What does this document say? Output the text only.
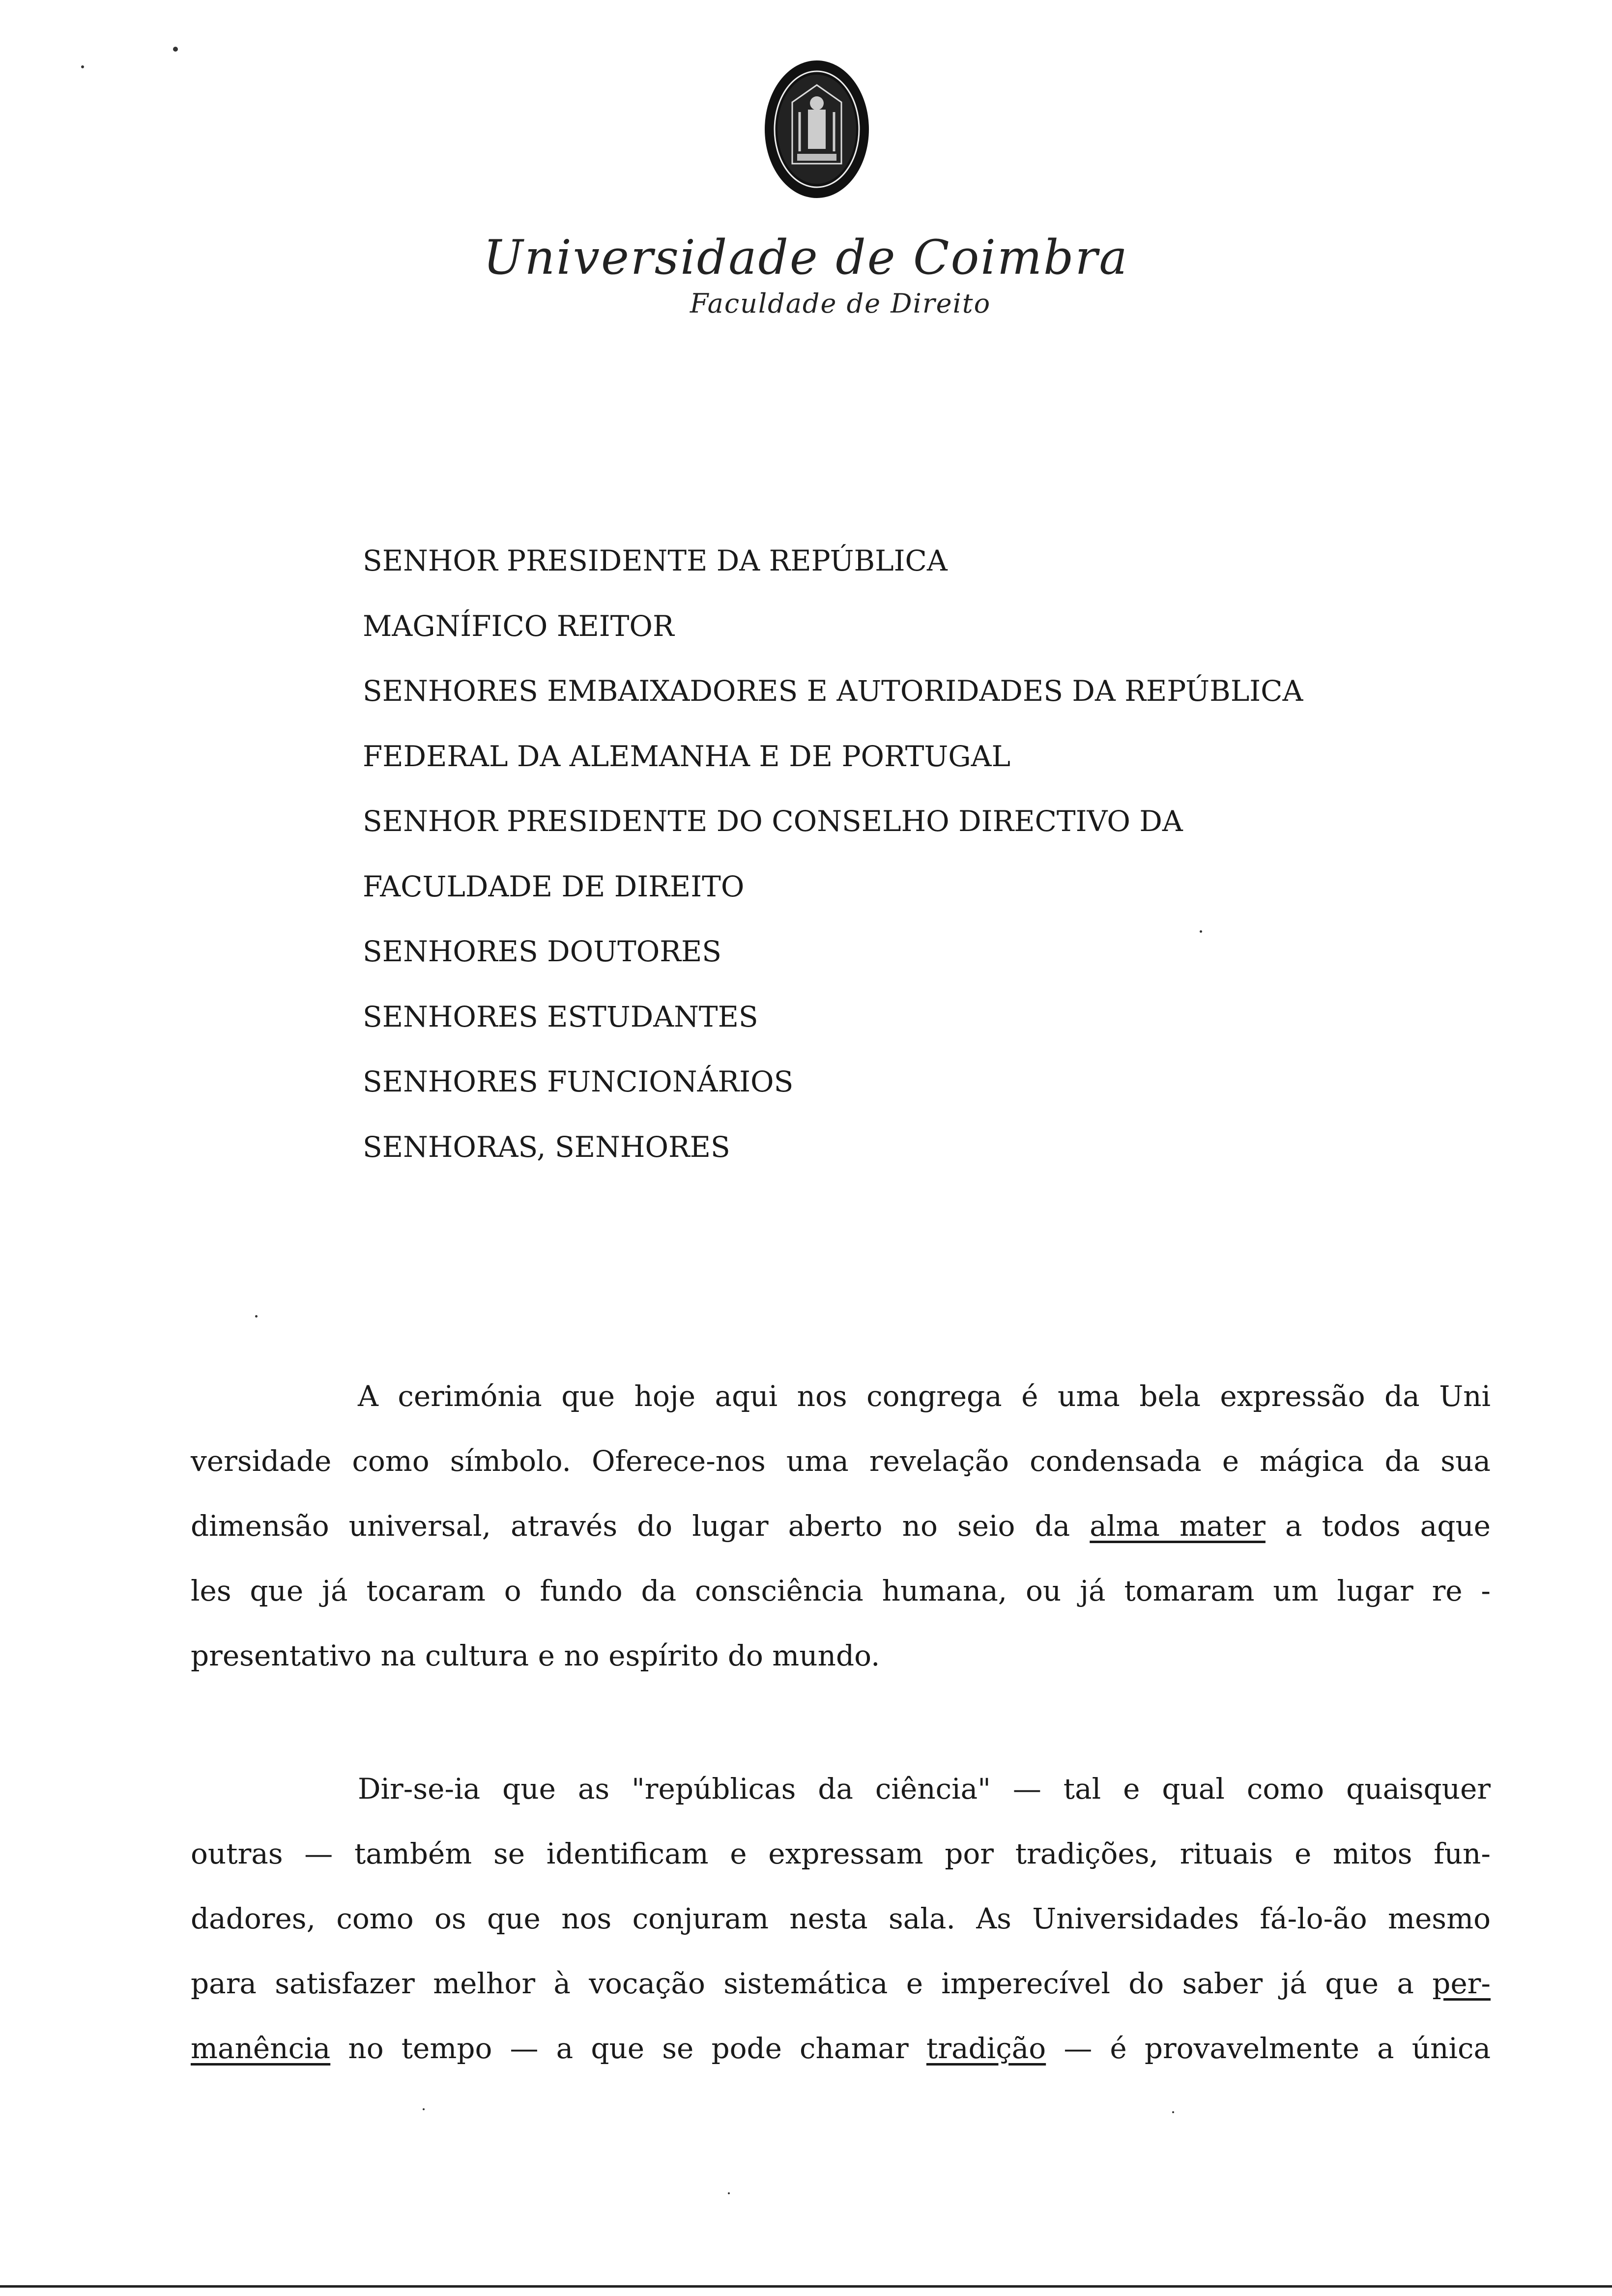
Universidade de Coimbra
Faculdade de Direito
SENHOR PRESIDENTE DA REPÚBLICA
MAGNÍFICO REITOR
SENHORES EMBAIXADORES E AUTORIDADES DA REPÚBLICA
FEDERAL DA ALEMANHA E DE PORTUGAL
SENHOR PRESIDENTE DO CONSELHO DIRECTIVO DA
FACULDADE DE DIREITO
SENHORES DOUTORES
SENHORES ESTUDANTES
SENHORES FUNCIONÁRIOS
SENHORAS, SENHORES
A cerimónia que hoje aqui nos congrega é uma bela expressão da Uni
versidade como símbolo. Oferece-nos uma revelação condensada e mágica da sua
dimensão universal, através do lugar aberto no seio da alma mater a todos aque
les que já tocaram o fundo da consciência humana, ou já tomaram um lugar re -
presentativo na cultura e no espírito do mundo.
Dir-se-ia que as "repúblicas da ciência" — tal e qual como quaisquer
outras — também se identificam e expressam por tradições, rituais e mitos fun-
dadores, como os que nos conjuram nesta sala. As Universidades fá-lo-ão mesmo
para satisfazer melhor à vocação sistemática e imperecível do saber já que a per-
manência no tempo — a que se pode chamar tradição — é provavelmente a única
